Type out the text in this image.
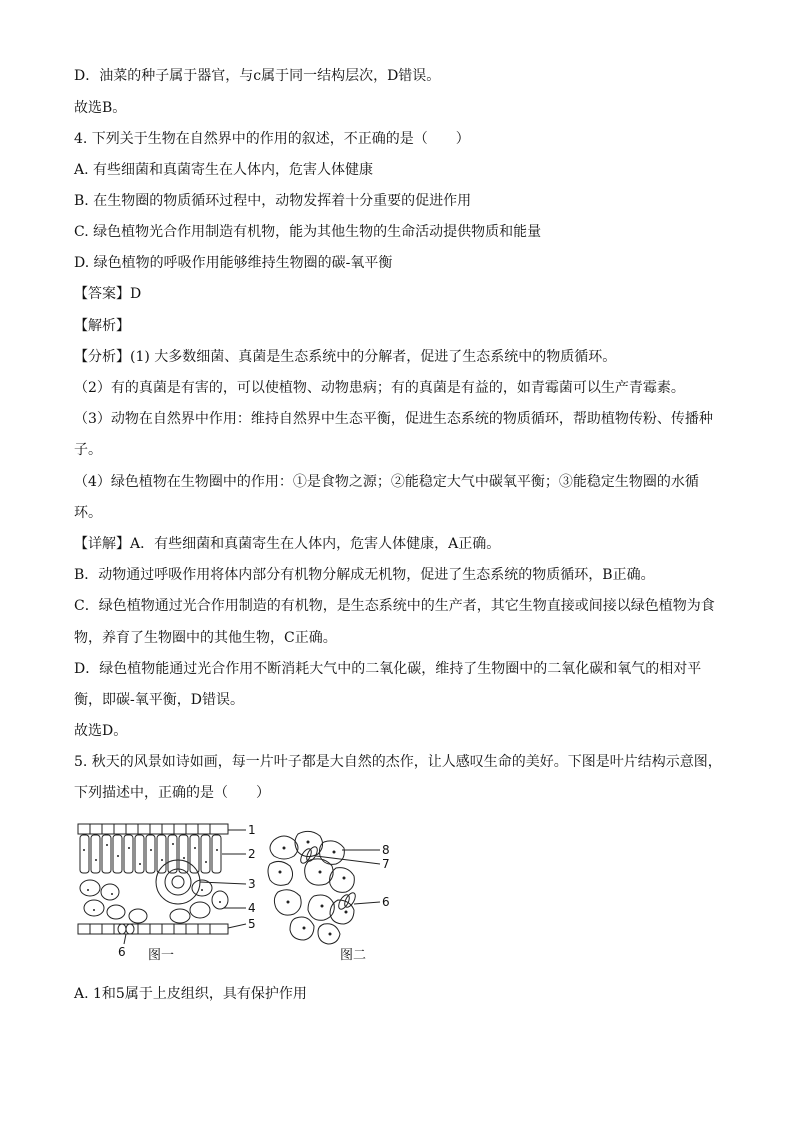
D．油菜的种子属于器官，与c属于同一结构层次，D错误。
故选B。
4. 下列关于生物在自然界中的作用的叙述，不正确的是（　　）
A. 有些细菌和真菌寄生在人体内，危害人体健康
B. 在生物圈的物质循环过程中，动物发挥着十分重要的促进作用
C. 绿色植物光合作用制造有机物，能为其他生物的生命活动提供物质和能量
D. 绿色植物的呼吸作用能够维持生物圈的碳-氧平衡
【答案】D
【解析】
【分析】(1) 大多数细菌、真菌是生态系统中的分解者，促进了生态系统中的物质循环。
（2）有的真菌是有害的，可以使植物、动物患病；有的真菌是有益的，如青霉菌可以生产青霉素。
（3）动物在自然界中作用：维持自然界中生态平衡，促进生态系统的物质循环，帮助植物传粉、传播种
子。
（4）绿色植物在生物圈中的作用：①是食物之源；②能稳定大气中碳氧平衡；③能稳定生物圈的水循
环。
【详解】A．有些细菌和真菌寄生在人体内，危害人体健康，A正确。
B．动物通过呼吸作用将体内部分有机物分解成无机物，促进了生态系统的物质循环，B正确。
C．绿色植物通过光合作用制造的有机物，是生态系统中的生产者，其它生物直接或间接以绿色植物为食
物，养育了生物圈中的其他生物，C正确。
D．绿色植物能通过光合作用不断消耗大气中的二氧化碳，维持了生物圈中的二氧化碳和氧气的相对平
衡，即碳-氧平衡，D错误。
故选D。
5. 秋天的风景如诗如画，每一片叶子都是大自然的杰作，让人感叹生命的美好。下图是叶片结构示意图，
下列描述中，正确的是（　　）
1
2
3
4
5
6
8
7
6
图一	图二
A. 1和5属于上皮组织，具有保护作用
